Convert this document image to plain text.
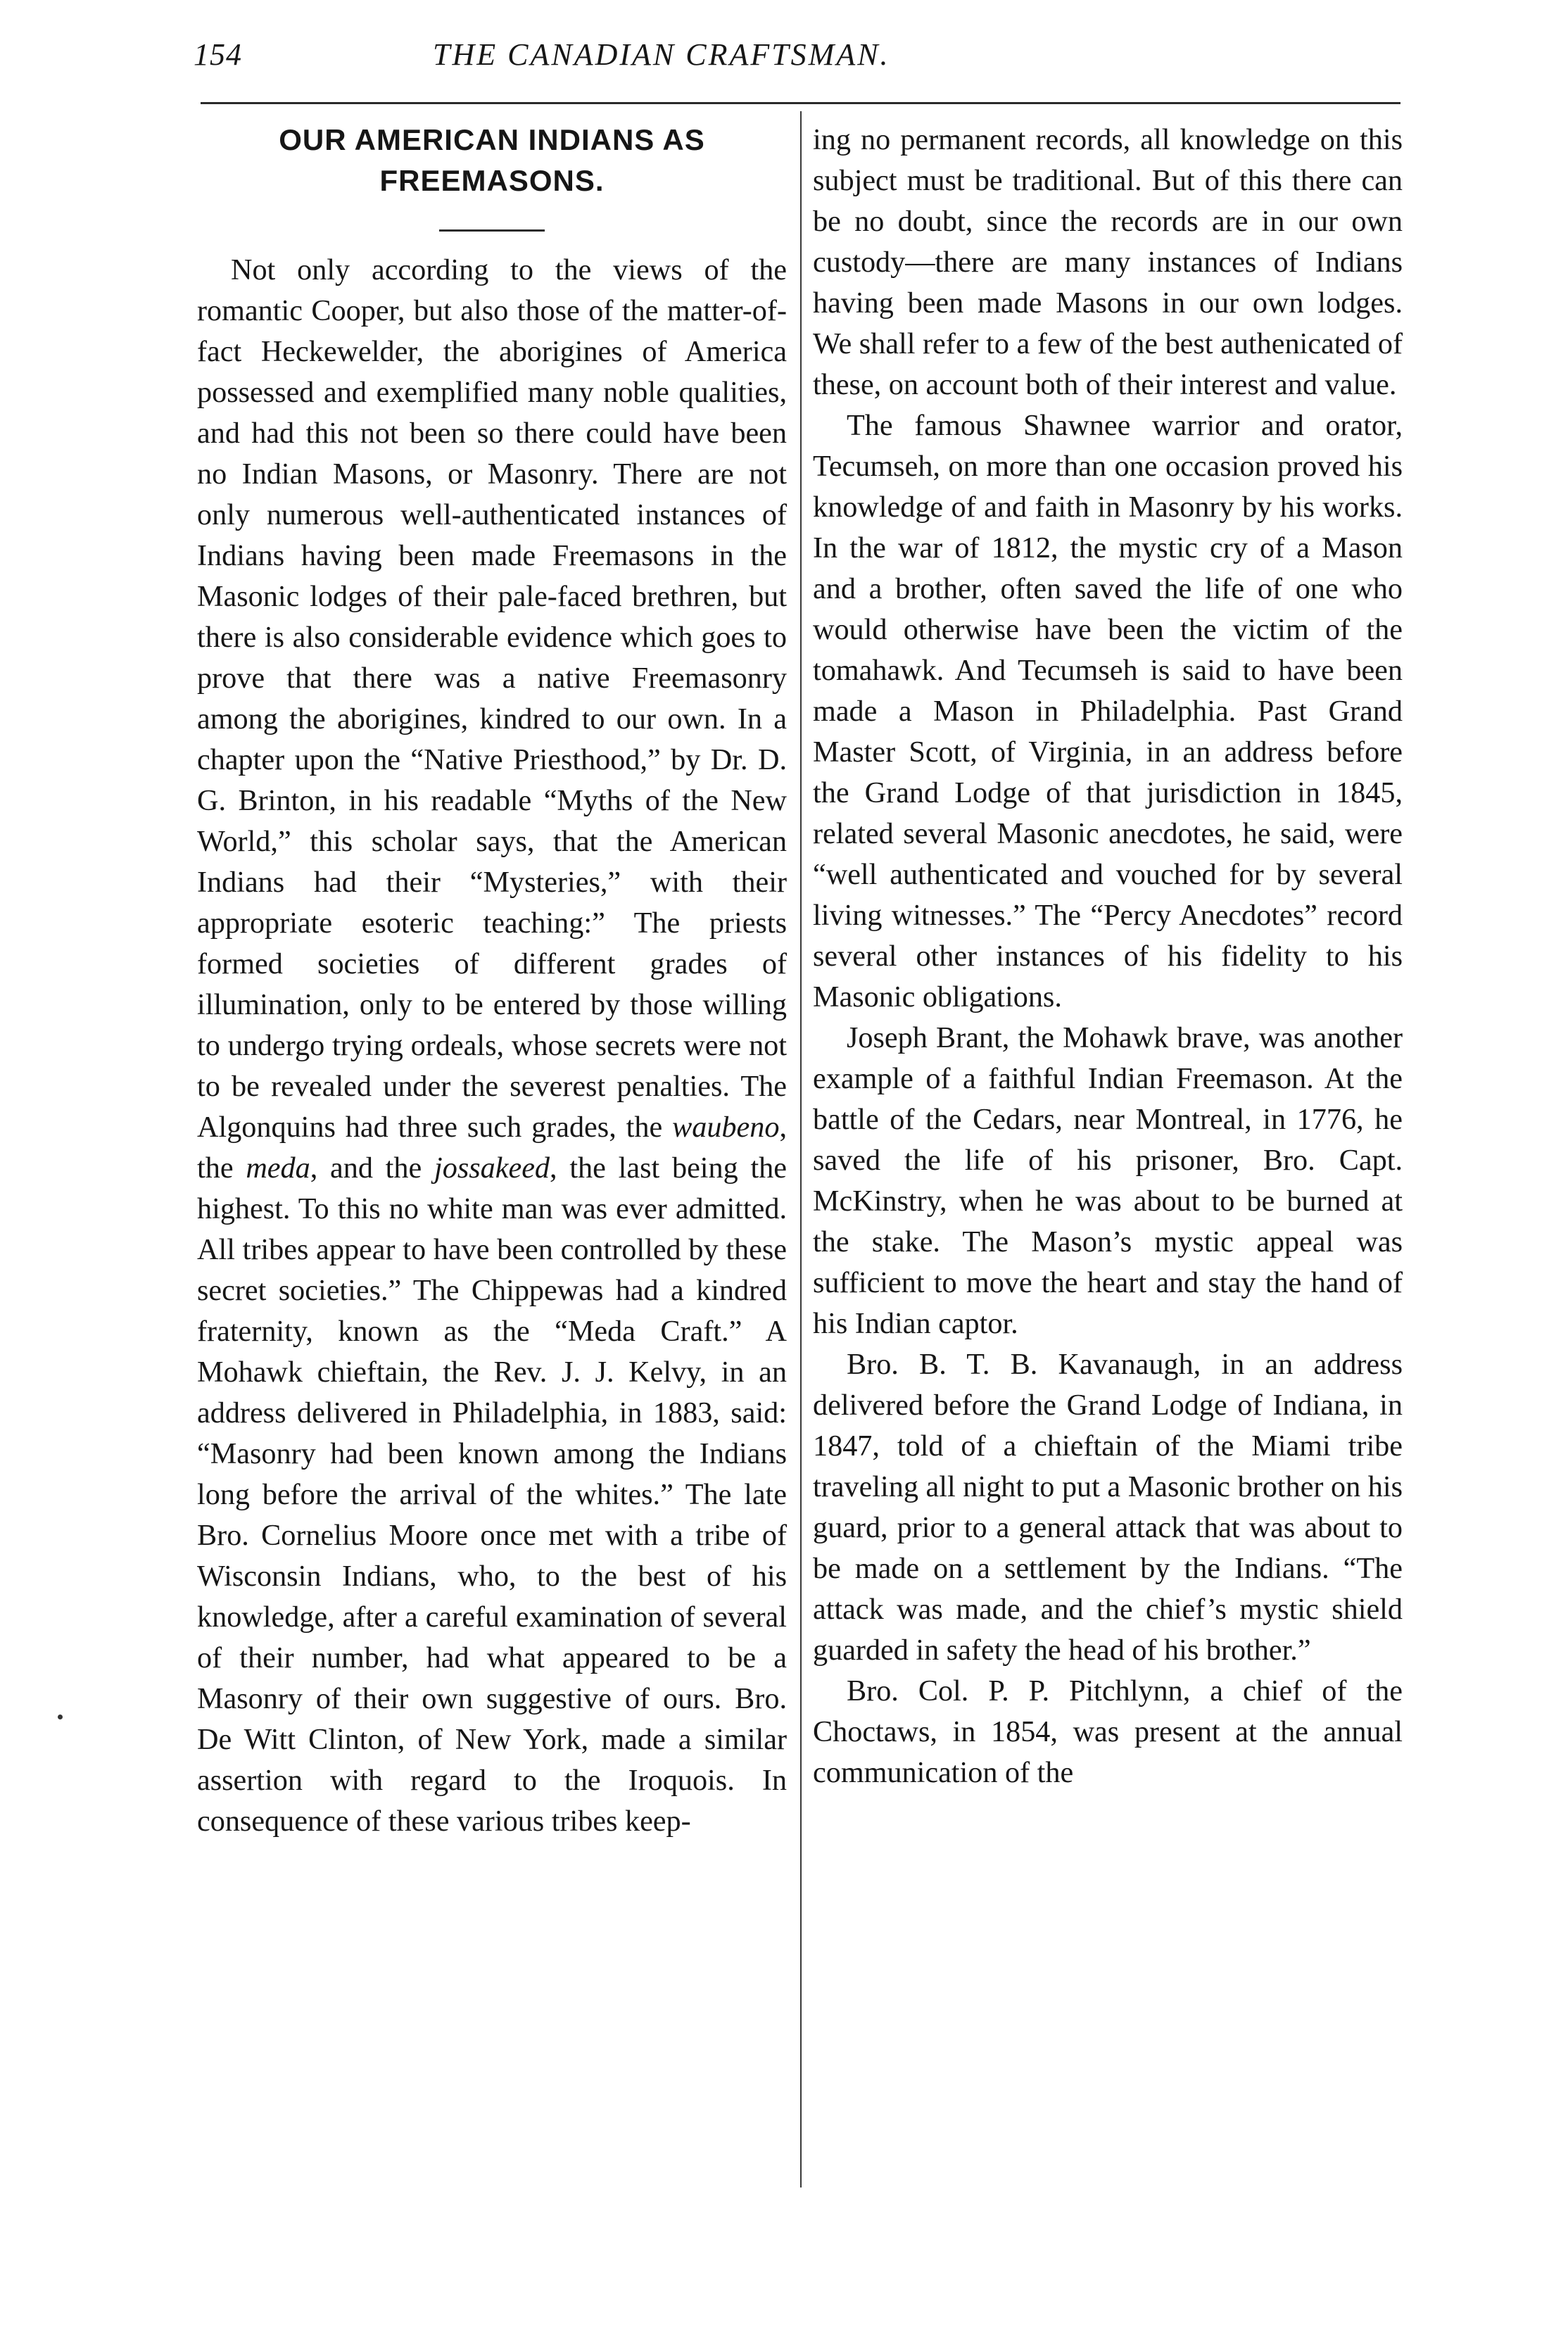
154	THE CANADIAN CRAFTSMAN.
OUR AMERICAN INDIANS AS FREEMASONS.

Not only according to the views of the romantic Cooper, but also those of the matter-of-fact Heckewelder, the aborigines of America possessed and exemplified many noble qualities, and had this not been so there could have been no Indian Masons, or Masonry. There are not only numerous well-authenticated instances of Indians having been made Freemasons in the Masonic lodges of their pale-faced brethren, but there is also considerable evidence which goes to prove that there was a native Freemasonry among the aborigines, kindred to our own. In a chapter upon the “Native Priesthood,” by Dr. D. G. Brinton, in his readable “Myths of the New World,” this scholar says, that the American Indians had their “Mysteries,” with their appropriate esoteric teaching:” The priests formed societies of different grades of illumination, only to be entered by those willing to undergo trying ordeals, whose secrets were not to be revealed under the severest penalties. The Algonquins had three such grades, the waubeno, the meda, and the jossakeed, the last being the highest. To this no white man was ever admitted. All tribes appear to have been controlled by these secret societies.” The Chippewas had a kindred fraternity, known as the “Meda Craft.” A Mohawk chieftain, the Rev. J. J. Kelvy, in an address delivered in Philadelphia, in 1883, said: “Masonry had been known among the Indians long before the arrival of the whites.” The late Bro. Cornelius Moore once met with a tribe of Wisconsin Indians, who, to the best of his knowledge, after a careful examination of several of their number, had what appeared to be a Masonry of their own suggestive of ours. Bro. De Witt Clinton, of New York, made a similar assertion with regard to the Iroquois. In consequence of these various tribes keep-

ing no permanent records, all knowledge on this subject must be traditional. But of this there can be no doubt, since the records are in our own custody—there are many instances of Indians having been made Masons in our own lodges. We shall refer to a few of the best authenicated of these, on account both of their interest and value.

The famous Shawnee warrior and orator, Tecumseh, on more than one occasion proved his knowledge of and faith in Masonry by his works. In the war of 1812, the mystic cry of a Mason and a brother, often saved the life of one who would otherwise have been the victim of the tomahawk. And Tecumseh is said to have been made a Mason in Philadelphia. Past Grand Master Scott, of Virginia, in an address before the Grand Lodge of that jurisdiction in 1845, related several Masonic anecdotes, he said, were “well authenticated and vouched for by several living witnesses.” The “Percy Anecdotes” record several other instances of his fidelity to his Masonic obligations.

Joseph Brant, the Mohawk brave, was another example of a faithful Indian Freemason. At the battle of the Cedars, near Montreal, in 1776, he saved the life of his prisoner, Bro. Capt. McKinstry, when he was about to be burned at the stake. The Mason’s mystic appeal was sufficient to move the heart and stay the hand of his Indian captor.

Bro. B. T. B. Kavanaugh, in an address delivered before the Grand Lodge of Indiana, in 1847, told of a chieftain of the Miami tribe traveling all night to put a Masonic brother on his guard, prior to a general attack that was about to be made on a settlement by the Indians. “The attack was made, and the chief’s mystic shield guarded in safety the head of his brother.”

Bro. Col. P. P. Pitchlynn, a chief of the Choctaws, in 1854, was present at the annual communication of the
